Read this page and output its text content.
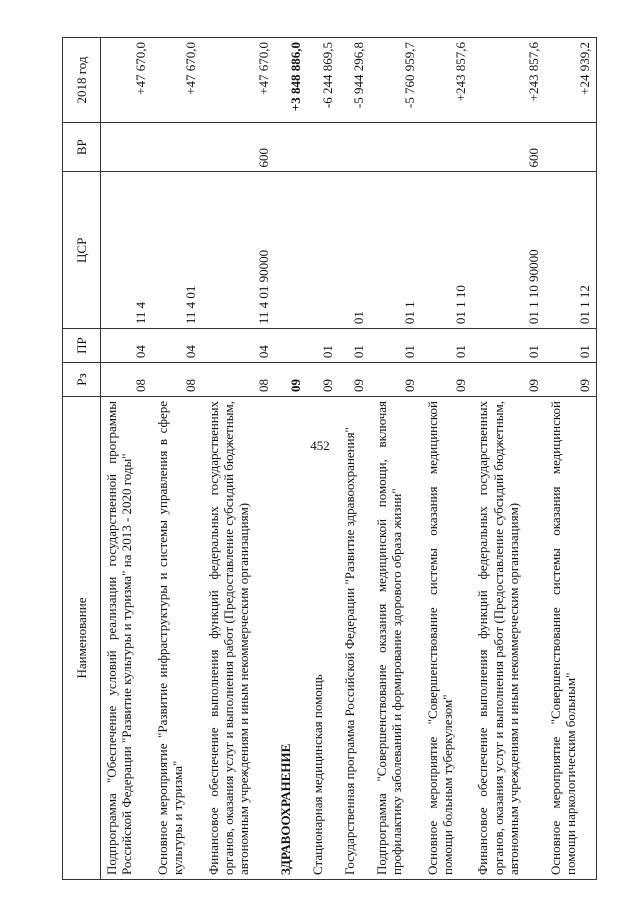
452
Наименование	Рз	ПР	ЦСР	ВР	2018 год
Подпрограмма "Обеспечение условий реализации государственной программы Российской Федерации "Развитие культуры и туризма" на 2013 - 2020 годы"	08	04	11 4		+47 670,0
Основное мероприятие "Развитие инфраструктуры и системы управления в сфере культуры и туризма"	08	04	11 4 01		+47 670,0
Финансовое обеспечение выполнения функций федеральных государственных органов, оказания услуг и выполнения работ (Предоставление субсидий бюджетным, автономным учреждениям и иным некоммерческим организациям)	08	04	11 4 01 90000	600	+47 670,0
ЗДРАВООХРАНЕНИЕ	09				+3 848 886,0
Стационарная медицинская помощь	09	01			-6 244 869,5
Государственная программа Российской Федерации "Развитие здравоохранения"	09	01	01		-5 944 296,8
Подпрограмма "Совершенствование оказания медицинской помощи, включая профилактику заболеваний и формирование здорового образа жизни"	09	01	01 1		-5 760 959,7
Основное мероприятие "Совершенствование системы оказания медицинской помощи больным туберкулезом"	09	01	01 1 10		+243 857,6
Финансовое обеспечение выполнения функций федеральных государственных органов, оказания услуг и выполнения работ (Предоставление субсидий бюджетным, автономным учреждениям и иным некоммерческим организациям)	09	01	01 1 10 90000	600	+243 857,6
Основное мероприятие "Совершенствование системы оказания медицинской помощи наркологическим больным"	09	01	01 1 12		+24 939,2
